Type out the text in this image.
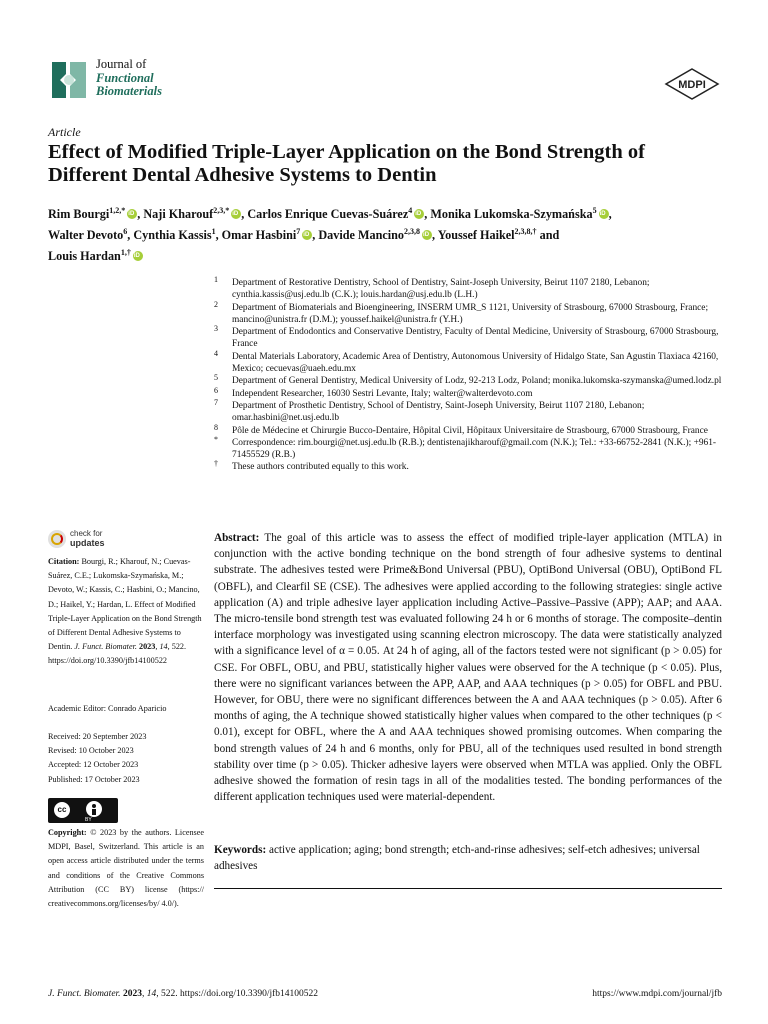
Journal of
Functional
Biomaterials	MDPI
Article
Effect of Modified Triple-Layer Application on the Bond Strength of Different Dental Adhesive Systems to Dentin
Rim Bourgi$^{1,2,*}$ iD , Naji Kharouf$^{2,3,*}$ iD , Carlos Enrique Cuevas-Suárez$^4$ iD , Monika Lukomska-Szymańska$^5$ iD ,
Walter Devoto$^6$, Cynthia Kassis$^1$, Omar Hasbini$^7$ iD , Davide Mancino$^{2,3,8}$ iD , Youssef Haikel$^{2,3,8,\dagger}$ and
Louis Hardan$^{1,\dagger}$iD
1 Department of Restorative Dentistry, School of Dentistry, Saint-Joseph University, Beirut 1107 2180, Lebanon; cynthia.kassis@usj.edu.lb (C.K.); louis.hardan@usj.edu.lb (L.H.)
2 Department of Biomaterials and Bioengineering, INSERM UMR_S 1121, University of Strasbourg, 67000 Strasbourg, France; mancino@unistra.fr (D.M.); youssef.haikel@unistra.fr (Y.H.)
3 Department of Endodontics and Conservative Dentistry, Faculty of Dental Medicine, University of Strasbourg, 67000 Strasbourg, France
4 Dental Materials Laboratory, Academic Area of Dentistry, Autonomous University of Hidalgo State, San Agustin Tlaxiaca 42160, Mexico; cecuevas@uaeh.edu.mx
5 Department of General Dentistry, Medical University of Lodz, 92-213 Lodz, Poland; monika.lukomska-szymanska@umed.lodz.pl
6 Independent Researcher, 16030 Sestri Levante, Italy; walter@walterdevoto.com
7 Department of Prosthetic Dentistry, School of Dentistry, Saint-Joseph University, Beirut 1107 2180, Lebanon; omar.hasbini@net.usj.edu.lb
8 Pôle de Médecine et Chirurgie Bucco-Dentaire, Hôpital Civil, Hôpitaux Universitaire de Strasbourg, 67000 Strasbourg, France
* Correspondence: rim.bourgi@net.usj.edu.lb (R.B.); dentistenajikharouf@gmail.com (N.K.); Tel.: +33-66752-2841 (N.K.); +961-71455529 (R.B.)
† These authors contributed equally to this work.
check for
updates
Citation: Bourgi, R.; Kharouf, N.; Cuevas-Suárez, C.E.; Lukomska-Szymańska, M.; Devoto, W.; Kassis, C.; Hasbini, O.; Mancino, D.; Haikel, Y.; Hardan, L. Effect of Modified Triple-Layer Application on the Bond Strength of Different Dental Adhesive Systems to Dentin. J. Funct. Biomater. 2023, 14, 522. https://doi.org/10.3390/jfb14100522
Academic Editor: Conrado Aparicio
Received: 20 September 2023
Revised: 10 October 2023
Accepted: 12 October 2023
Published: 17 October 2023
cc
BY
Copyright: © 2023 by the authors. Licensee MDPI, Basel, Switzerland. This article is an open access article distributed under the terms and conditions of the Creative Commons Attribution (CC BY) license (https:// creativecommons.org/licenses/by/ 4.0/).
Abstract: The goal of this article was to assess the effect of modified triple-layer application (MTLA) in conjunction with the active bonding technique on the bond strength of four adhesive systems to dentinal substrate. The adhesives tested were Prime&Bond Universal (PBU), OptiBond Universal (OBU), OptiBond FL (OBFL), and Clearfil SE (CSE). The adhesives were applied according to the following strategies: single active application (A) and triple adhesive layer application including Active–Passive–Passive (APP); AAP; and AAA. The micro-tensile bond strength test was evaluated following 24 h or 6 months of storage. The composite–dentin interface morphology was investigated using scanning electron microscopy. The data were statistically analyzed with a significance level of α = 0.05. At 24 h of aging, all of the factors tested were not significant (p > 0.05) for CSE. For OBFL, OBU, and PBU, statistically higher values were observed for the A technique (p < 0.05). Plus, there were no significant variances between the APP, AAP, and AAA techniques (p > 0.05) for OBFL and PBU. However, for OBU, there were no significant differences between the A and AAA techniques (p > 0.05). After 6 months of aging, the A technique showed statistically higher values when compared to the other techniques (p < 0.01), except for OBFL, where the A and AAA techniques showed promising outcomes. When comparing the bond strength values of 24 h and 6 months, only for PBU, all of the techniques used resulted in bond strength stability over time (p > 0.05). Thicker adhesive layers were observed when MTLA was applied. Only the OBFL adhesive showed the formation of resin tags in all of the modalities tested. The bonding performances of the different application techniques used were material-dependent.
Keywords: active application; aging; bond strength; etch-and-rinse adhesives; self-etch adhesives; universal adhesives
J. Funct. Biomater. 2023, 14, 522. https://doi.org/10.3390/jfb14100522	https://www.mdpi.com/journal/jfb
